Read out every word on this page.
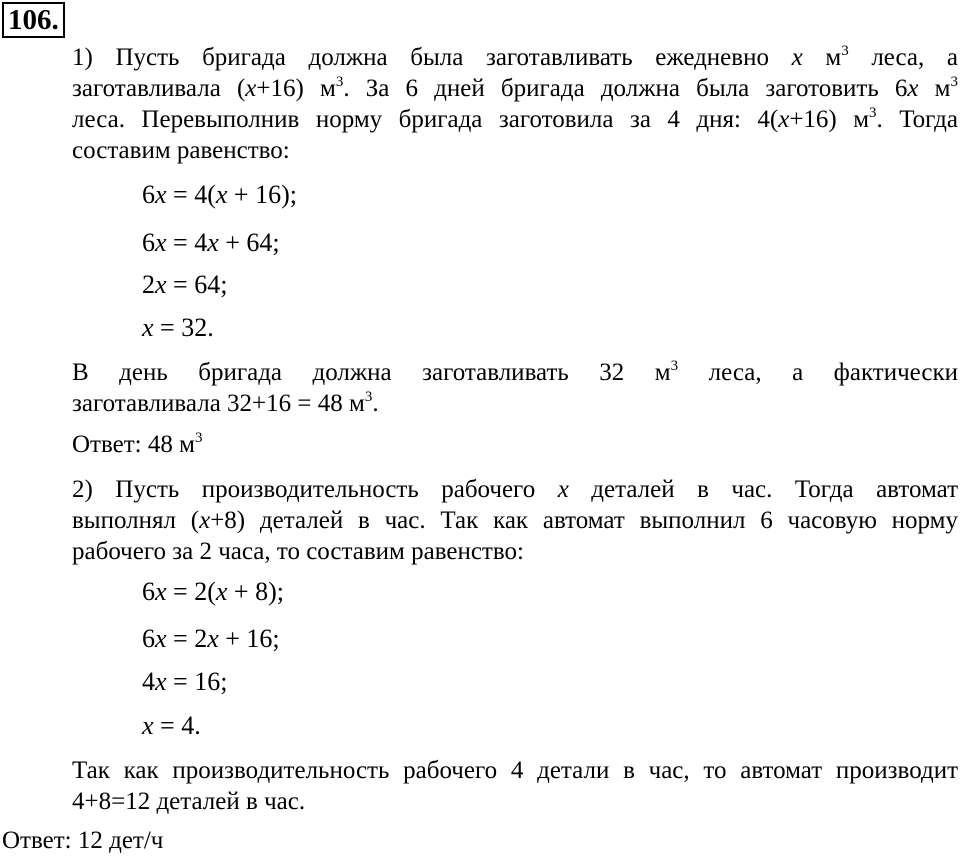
106.

1) Пусть бригада должна была заготавливать ежедневно x $м^3$ леса, а

заготавливала (x+16) $м^3$. За 6 дней бригада должна была заготовить 6x $м^3$

леса. Перевыполнив норму бригада заготовила за 4 дня: 4(x+16) $м^3$. Тогда

составим равенство:

6x = 4(x + 16);
6x = 4x + 64;
2x = 64;
x = 32.

В день бригада должна заготавливать 32 $м^3$ леса, а фактически

заготавливала 32+16 = 48 $м^3$.

Ответ: 48 $м^3$

2) Пусть производительность рабочего x деталей в час. Тогда автомат

выполнял (x+8) деталей в час. Так как автомат выполнил 6 часовую норму

рабочего за 2 часа, то составим равенство:

6x = 2(x + 8);
6x = 2x + 16;
4x = 16;
x = 4.

Так как производительность рабочего 4 детали в час, то автомат производит

4+8=12 деталей в час.

Ответ: 12 дет/ч
